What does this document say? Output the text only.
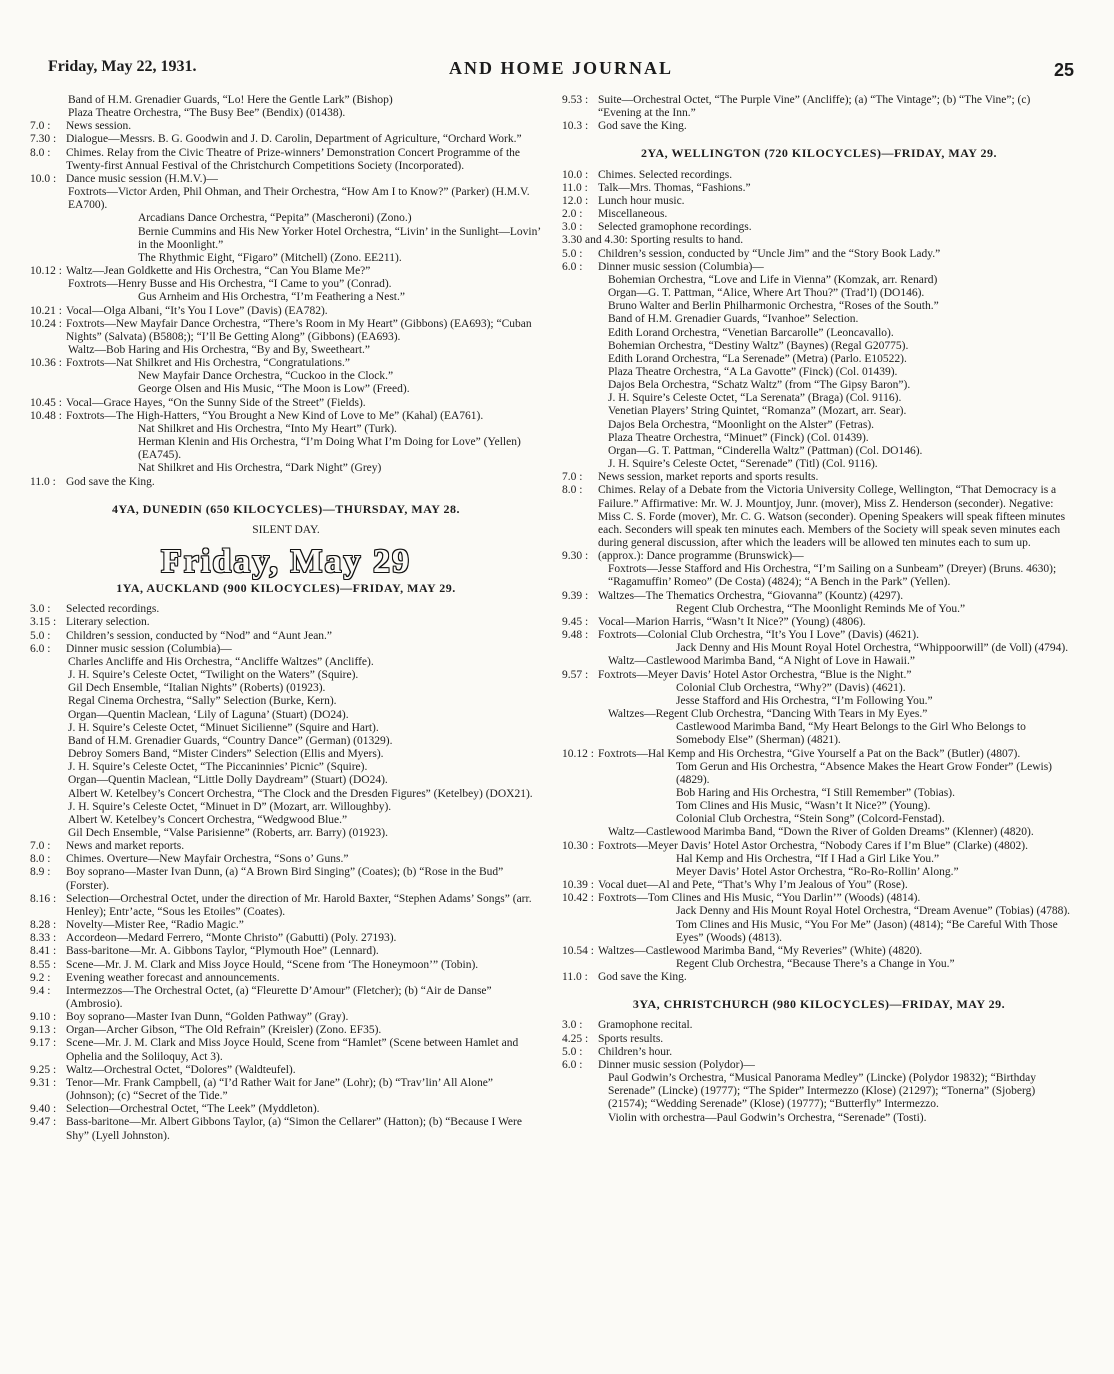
Friday, May 22, 1931.	AND HOME JOURNAL	25
Band of H.M. Grenadier Guards, “Lo! Here the Gentle Lark” (Bishop)
Plaza Theatre Orchestra, “The Busy Bee” (Bendix) (01438).
7.0 : News session.
7.30 : Dialogue—Messrs. B. G. Goodwin and J. D. Carolin, Department of Agriculture, “Orchard Work.”
8.0 : Chimes. Relay from the Civic Theatre of Prize-winners’ Demonstration Concert Programme of the Twenty-first Annual Festival of the Christchurch Competitions Society (Incorporated).
10.0 : Dance music session (H.M.V.)—
Foxtrots—Victor Arden, Phil Ohman, and Their Orchestra, “How Am I to Know?” (Parker) (H.M.V. EA700).
Arcadians Dance Orchestra, “Pepita” (Mascheroni) (Zono.)
Bernie Cummins and His New Yorker Hotel Orchestra, “Livin’ in the Sunlight—Lovin’ in the Moonlight.”
The Rhythmic Eight, “Figaro” (Mitchell) (Zono. EE211).
10.12 : Waltz—Jean Goldkette and His Orchestra, “Can You Blame Me?”
Foxtrots—Henry Busse and His Orchestra, “I Came to you” (Conrad).
Gus Arnheim and His Orchestra, “I’m Feathering a Nest.”
10.21 : Vocal—Olga Albani, “It’s You I Love” (Davis) (EA782).
10.24 : Foxtrots—New Mayfair Dance Orchestra, “There’s Room in My Heart” (Gibbons) (EA693); “Cuban Nights” (Salvata) (B5808;); “I’ll Be Getting Along” (Gibbons) (EA693).
Waltz—Bob Haring and His Orchestra, “By and By, Sweetheart.”
10.36 : Foxtrots—Nat Shilkret and His Orchestra, “Congratulations.”
New Mayfair Dance Orchestra, “Cuckoo in the Clock.”
George Olsen and His Music, “The Moon is Low” (Freed).
10.45 : Vocal—Grace Hayes, “On the Sunny Side of the Street” (Fields).
10.48 : Foxtrots—The High-Hatters, “You Brought a New Kind of Love to Me” (Kahal) (EA761).
Nat Shilkret and His Orchestra, “Into My Heart” (Turk).
Herman Klenin and His Orchestra, “I’m Doing What I’m Doing for Love” (Yellen) (EA745).
Nat Shilkret and His Orchestra, “Dark Night” (Grey)
11.0 : God save the King.
4YA, DUNEDIN (650 KILOCYCLES)—THURSDAY, MAY 28.
SILENT DAY.
Friday, May 29
1YA, AUCKLAND (900 KILOCYCLES)—FRIDAY, MAY 29.
3.0 : Selected recordings.
3.15 : Literary selection.
5.0 : Children’s session, conducted by “Nod” and “Aunt Jean.”
6.0 : Dinner music session (Columbia)—
Charles Ancliffe and His Orchestra, “Ancliffe Waltzes” (Ancliffe).
J. H. Squire’s Celeste Octet, “Twilight on the Waters” (Squire).
Gil Dech Ensemble, “Italian Nights” (Roberts) (01923).
Regal Cinema Orchestra, “Sally” Selection (Burke, Kern).
Organ—Quentin Maclean, ‘Lily of Laguna’ (Stuart) (DO24).
J. H. Squire’s Celeste Octet, “Minuet Sicilienne” (Squire and Hart).
Band of H.M. Grenadier Guards, “Country Dance” (German) (01329).
Debroy Somers Band, “Mister Cinders” Selection (Ellis and Myers).
J. H. Squire’s Celeste Octet, “The Piccaninnies’ Picnic” (Squire).
Organ—Quentin Maclean, “Little Dolly Daydream” (Stuart) (DO24).
Albert W. Ketelbey’s Concert Orchestra, “The Clock and the Dresden Figures” (Ketelbey) (DOX21).
J. H. Squire’s Celeste Octet, “Minuet in D” (Mozart, arr. Willoughby).
Albert W. Ketelbey’s Concert Orchestra, “Wedgwood Blue.”
Gil Dech Ensemble, “Valse Parisienne” (Roberts, arr. Barry) (01923).
7.0 : News and market reports.
8.0 : Chimes. Overture—New Mayfair Orchestra, “Sons o’ Guns.”
8.9 : Boy soprano—Master Ivan Dunn, (a) “A Brown Bird Singing” (Coates); (b) “Rose in the Bud” (Forster).
8.16 : Selection—Orchestral Octet, under the direction of Mr. Harold Baxter, “Stephen Adams’ Songs” (arr. Henley); Entr’acte, “Sous les Etoiles” (Coates).
8.28 : Novelty—Mister Ree, “Radio Magic.”
8.33 : Accordeon—Medard Ferrero, “Monte Christo” (Gabutti) (Poly. 27193).
8.41 : Bass-baritone—Mr. A. Gibbons Taylor, “Plymouth Hoe” (Lennard).
8.55 : Scene—Mr. J. M. Clark and Miss Joyce Hould, “Scene from ‘The Honeymoon’” (Tobin).
9.2 : Evening weather forecast and announcements.
9.4 : Intermezzos—The Orchestral Octet, (a) “Fleurette D’Amour” (Fletcher); (b) “Air de Danse” (Ambrosio).
9.10 : Boy soprano—Master Ivan Dunn, “Golden Pathway” (Gray).
9.13 : Organ—Archer Gibson, “The Old Refrain” (Kreisler) (Zono. EF35).
9.17 : Scene—Mr. J. M. Clark and Miss Joyce Hould, Scene from “Hamlet” (Scene between Hamlet and Ophelia and the Soliloquy, Act 3).
9.25 : Waltz—Orchestral Octet, “Dolores” (Waldteufel).
9.31 : Tenor—Mr. Frank Campbell, (a) “I’d Rather Wait for Jane” (Lohr); (b) “Trav’lin’ All Alone” (Johnson); (c) “Secret of the Tide.”
9.40 : Selection—Orchestral Octet, “The Leek” (Myddleton).
9.47 : Bass-baritone—Mr. Albert Gibbons Taylor, (a) “Simon the Cellarer” (Hatton); (b) “Because I Were Shy” (Lyell Johnston).
9.53 : Suite—Orchestral Octet, “The Purple Vine” (Ancliffe); (a) “The Vintage”; (b) “The Vine”; (c) “Evening at the Inn.”
10.3 : God save the King.
2YA, WELLINGTON (720 KILOCYCLES)—FRIDAY, MAY 29.
10.0 : Chimes. Selected recordings.
11.0 : Talk—Mrs. Thomas, “Fashions.”
12.0 : Lunch hour music.
2.0 : Miscellaneous.
3.0 : Selected gramophone recordings.
3.30 and 4.30: Sporting results to hand.
5.0 : Children’s session, conducted by “Uncle Jim” and the “Story Book Lady.”
6.0 : Dinner music session (Columbia)—
Bohemian Orchestra, “Love and Life in Vienna” (Komzak, arr. Renard)
Organ—G. T. Pattman, “Alice, Where Art Thou?” (Trad’l) (DO146).
Bruno Walter and Berlin Philharmonic Orchestra, “Roses of the South.”
Band of H.M. Grenadier Guards, “Ivanhoe” Selection.
Edith Lorand Orchestra, “Venetian Barcarolle” (Leoncavallo).
Bohemian Orchestra, “Destiny Waltz” (Baynes) (Regal G20775).
Edith Lorand Orchestra, “La Serenade” (Metra) (Parlo. E10522).
Plaza Theatre Orchestra, “A La Gavotte” (Finck) (Col. 01439).
Dajos Bela Orchestra, “Schatz Waltz” (from “The Gipsy Baron”).
J. H. Squire’s Celeste Octet, “La Serenata” (Braga) (Col. 9116).
Venetian Players’ String Quintet, “Romanza” (Mozart, arr. Sear).
Dajos Bela Orchestra, “Moonlight on the Alster” (Fetras).
Plaza Theatre Orchestra, “Minuet” (Finck) (Col. 01439).
Organ—G. T. Pattman, “Cinderella Waltz” (Pattman) (Col. DO146).
J. H. Squire’s Celeste Octet, “Serenade” (Titl) (Col. 9116).
7.0 : News session, market reports and sports results.
8.0 : Chimes. Relay of a Debate from the Victoria University College, Wellington, “That Democracy is a Failure.” Affirmative: Mr. W. J. Mountjoy, Junr. (mover), Miss Z. Henderson (seconder). Negative: Miss C. S. Forde (mover), Mr. C. G. Watson (seconder). Opening Speakers will speak fifteen minutes each. Seconders will speak ten minutes each. Members of the Society will speak seven minutes each during general discussion, after which the leaders will be allowed ten minutes each to sum up.
9.30 : (approx.): Dance programme (Brunswick)—
Foxtrots—Jesse Stafford and His Orchestra, “I’m Sailing on a Sunbeam” (Dreyer) (Bruns. 4630); “Ragamuffin’ Romeo” (De Costa) (4824); “A Bench in the Park” (Yellen).
9.39 : Waltzes—The Thematics Orchestra, “Giovanna” (Kountz) (4297).
Regent Club Orchestra, “The Moonlight Reminds Me of You.”
9.45 : Vocal—Marion Harris, “Wasn’t It Nice?” (Young) (4806).
9.48 : Foxtrots—Colonial Club Orchestra, “It’s You I Love” (Davis) (4621).
Jack Denny and His Mount Royal Hotel Orchestra, “Whippoorwill” (de Voll) (4794).
Waltz—Castlewood Marimba Band, “A Night of Love in Hawaii.”
9.57 : Foxtrots—Meyer Davis’ Hotel Astor Orchestra, “Blue is the Night.”
Colonial Club Orchestra, “Why?” (Davis) (4621).
Jesse Stafford and His Orchestra, “I’m Following You.”
Waltzes—Regent Club Orchestra, “Dancing With Tears in My Eyes.”
Castlewood Marimba Band, “My Heart Belongs to the Girl Who Belongs to Somebody Else” (Sherman) (4821).
10.12 : Foxtrots—Hal Kemp and His Orchestra, “Give Yourself a Pat on the Back” (Butler) (4807).
Tom Gerun and His Orchestra, “Absence Makes the Heart Grow Fonder” (Lewis) (4829).
Bob Haring and His Orchestra, “I Still Remember” (Tobias).
Tom Clines and His Music, “Wasn’t It Nice?” (Young).
Colonial Club Orchestra, “Stein Song” (Colcord-Fenstad).
Waltz—Castlewood Marimba Band, “Down the River of Golden Dreams” (Klenner) (4820).
10.30 : Foxtrots—Meyer Davis’ Hotel Astor Orchestra, “Nobody Cares if I’m Blue” (Clarke) (4802).
Hal Kemp and His Orchestra, “If I Had a Girl Like You.”
Meyer Davis’ Hotel Astor Orchestra, “Ro-Ro-Rollin’ Along.”
10.39 : Vocal duet—Al and Pete, “That’s Why I’m Jealous of You” (Rose).
10.42 : Foxtrots—Tom Clines and His Music, “You Darlin’” (Woods) (4814).
Jack Denny and His Mount Royal Hotel Orchestra, “Dream Avenue” (Tobias) (4788).
Tom Clines and His Music, “You For Me” (Jason) (4814); “Be Careful With Those Eyes” (Woods) (4813).
10.54 : Waltzes—Castlewood Marimba Band, “My Reveries” (White) (4820).
Regent Club Orchestra, “Because There’s a Change in You.”
11.0 : God save the King.
3YA, CHRISTCHURCH (980 KILOCYCLES)—FRIDAY, MAY 29.
3.0 : Gramophone recital.
4.25 : Sports results.
5.0 : Children’s hour.
6.0 : Dinner music session (Polydor)—
Paul Godwin’s Orchestra, “Musical Panorama Medley” (Lincke) (Polydor 19832); “Birthday Serenade” (Lincke) (19777); “The Spider” Intermezzo (Klose) (21297); “Tonerna” (Sjoberg) (21574); “Wedding Serenade” (Klose) (19777); “Butterfly” Intermezzo.
Violin with orchestra—Paul Godwin’s Orchestra, “Serenade” (Tosti).
